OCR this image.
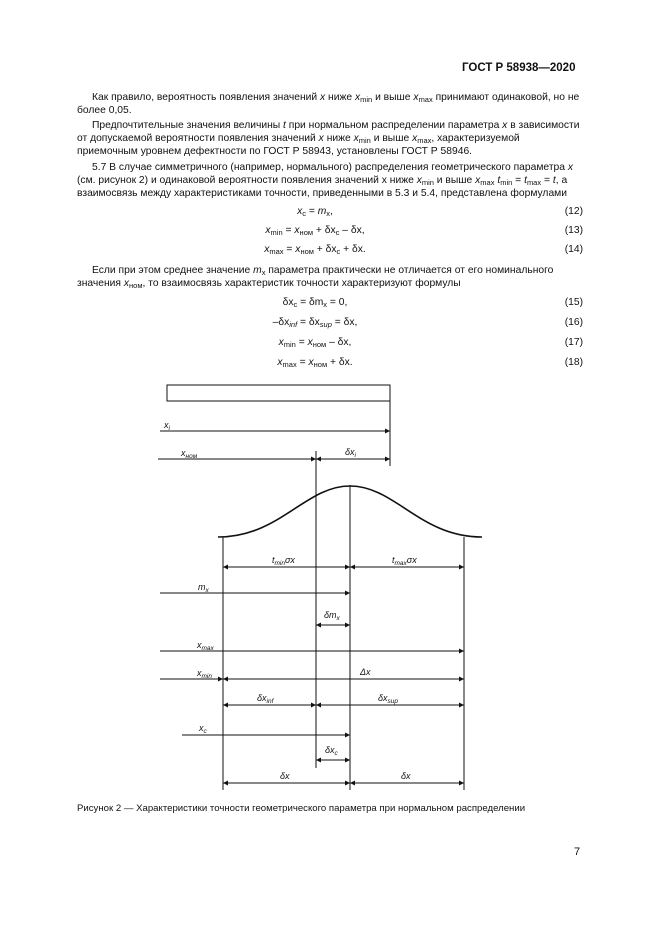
ГОСТ Р 58938—2020

Как правило, вероятность появления значений x ниже $x_{min}$ и выше $x_{max}$ принимают одинаковой, но не более 0,05.

Предпочтительные значения величины t при нормальном распределении параметра x в зависимости от допускаемой вероятности появления значений x ниже $x_{min}$ и выше $x_{max}$, характеризуемой приемочным уровнем дефектности по ГОСТ Р 58943, установлены ГОСТ Р 58946.

5.7 В случае симметричного (например, нормального) распределения геометрического параметра x (см. рисунок 2) и одинаковой вероятности появления значений x ниже $x_{min}$ и выше $x_{max}$ $t_{min} = t_{max} = t$, а взаимосвязь между характеристиками точности, приведенными в 5.3 и 5.4, представлена формулами

$x_c = m_x$,	(12)
$x_{min} = x_{ном} + \delta x_c - \delta x$,	(13)
$x_{max} = x_{ном} + \delta x_c + \delta x$.	(14)

Если при этом среднее значение $m_x$ параметра практически не отличается от его номинального значения $x_{ном}$, то взаимосвязь характеристик точности характеризуют формулы

$\delta x_c = \delta m_x = 0$,	(15)
$-\delta x_{inf} = \delta x_{sup} = \delta x$,	(16)
$x_{min} = x_{ном} - \delta x$,	(17)
$x_{max} = x_{ном} + \delta x$.	(18)
$x_i$
$x_{ном}$	$\delta x_i$
$t_{min}\sigma x$	$t_{max}\sigma x$
$m_x$
$\delta m_x$
$x_{max}$
$x_{min}$	Δx
$\delta x_{inf}$	$\delta x_{sup}$
$x_c$
$\delta x_c$
δx	δx
Рисунок 2 — Характеристики точности геометрического параметра при нормальном распределении
7
